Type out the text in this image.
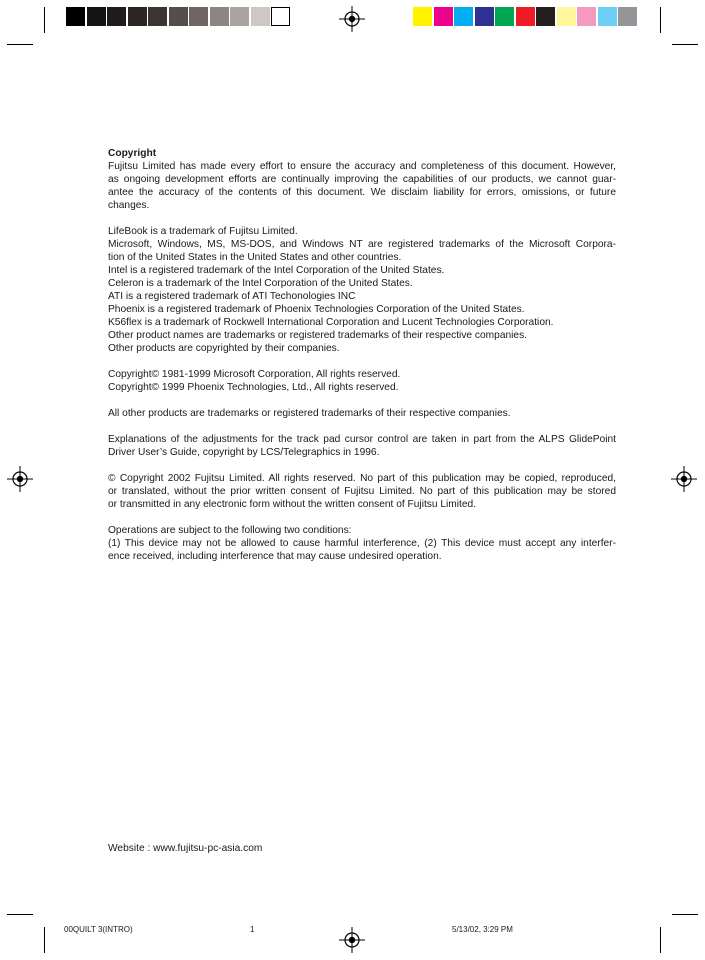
Copyright

Fujitsu Limited has made every effort to ensure the accuracy and completeness of this document. However,
as ongoing development efforts are continually improving the capabilities of our products, we cannot guar-
antee the accuracy of the contents of this document. We disclaim liability for errors, omissions, or future
changes.

LifeBook is a trademark of Fujitsu Limited.
Microsoft, Windows, MS, MS-DOS, and Windows NT are registered trademarks of the Microsoft Corpora-
tion of the United States in the United States and other countries.
Intel is a registered trademark of the Intel Corporation of the United States.
Celeron is a trademark of the Intel Corporation of the United States.
ATI is a registered trademark of ATI Techonologies INC
Phoenix is a registered trademark of Phoenix Technologies Corporation of the United States.
K56flex is a trademark of Rockwell International Corporation and Lucent Technologies Corporation.
Other product names are trademarks or registered trademarks of their respective companies.
Other products are copyrighted by their companies.

Copyright© 1981-1999 Microsoft Corporation, All rights reserved.
Copyright© 1999 Phoenix Technologies, Ltd., All rights reserved.

All other products are trademarks or registered trademarks of their respective companies.

Explanations of the adjustments for the track pad cursor control are taken in part from the ALPS GlidePoint
Driver User’s Guide, copyright by LCS/Telegraphics in 1996.

© Copyright 2002 Fujitsu Limited. All rights reserved. No part of this publication may be copied, reproduced,
or translated, without the prior written consent of Fujitsu Limited. No part of this publication may be stored
or transmitted in any electronic form without the written consent of Fujitsu Limited.

Operations are subject to the following two conditions:
(1) This device may not be allowed to cause harmful interference, (2) This device must accept any interfer-
ence received, including interference that may cause undesired operation.

Website : www.fujitsu-pc-asia.com
00QUILT 3(INTRO)	1	5/13/02, 3:29 PM
